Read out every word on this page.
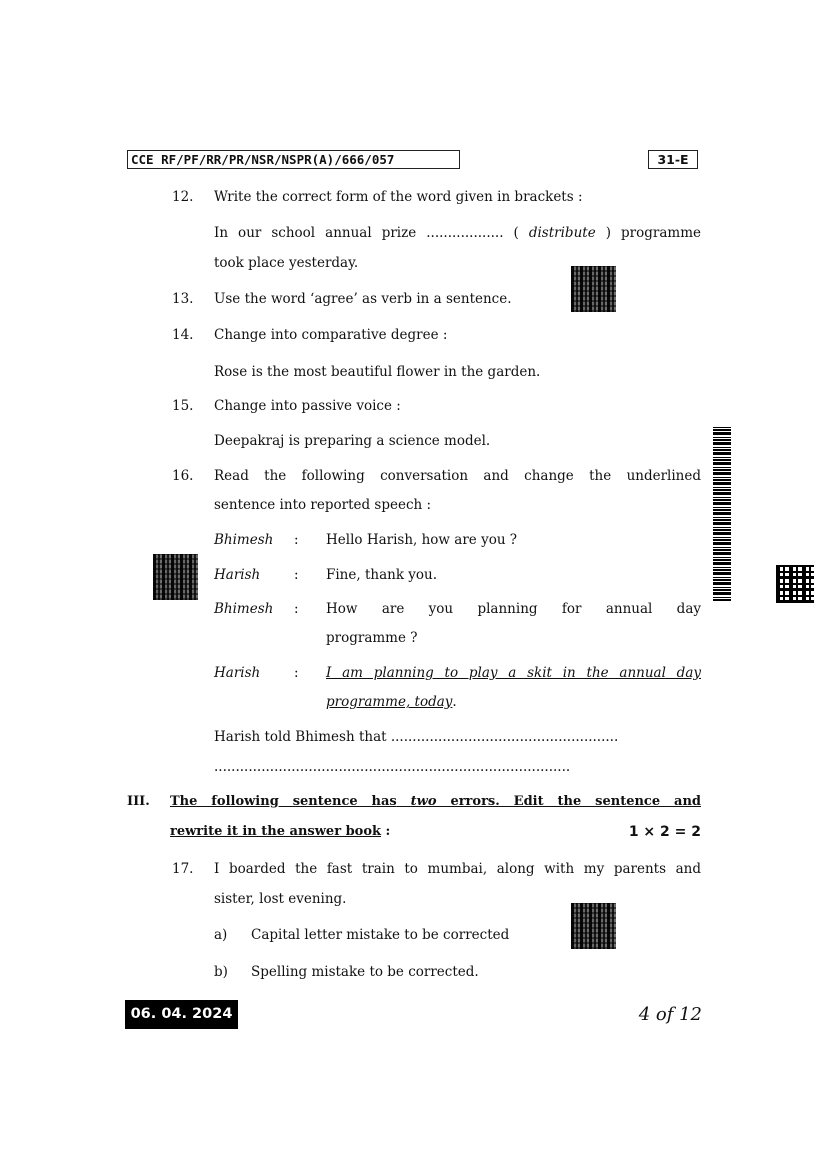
CCE RF/PF/RR/PR/NSR/NSPR(A)/666/057	31-E
12. Write the correct form of the word given in brackets :
In our school annual prize .................. ( distribute ) programme
took place yesterday.
13. Use the word ‘agree’ as verb in a sentence.
14. Change into comparative degree :
Rose is the most beautiful flower in the garden.
15. Change into passive voice :
Deepakraj is preparing a science model.
16. Read the following conversation and change the underlined
sentence into reported speech :
Bhimesh : Hello Harish, how are you ?
Harish	: Fine, thank you.
Bhimesh : How are you planning for annual day
programme ?
Harish	: I am planning to play a skit in the annual day
programme, today.
Harish told Bhimesh that .....................................................
...................................................................................
III. The following sentence has two errors. Edit the sentence and
rewrite it in the answer book :	1 × 2 = 2
17. I boarded the fast train to mumbai, along with my parents and
sister, lost evening.
a) Capital letter mistake to be corrected
b) Spelling mistake to be corrected.
06. 04. 2024	4 of 12
